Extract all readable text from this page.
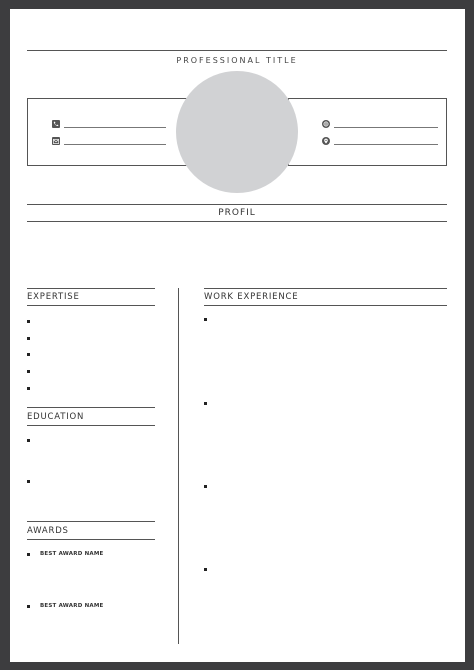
PROFESSIONAL TITLE
PROFIL
EXPERTISE
EDUCATION
AWARDS
BEST AWARD NAME
BEST AWARD NAME
WORK EXPERIENCE
